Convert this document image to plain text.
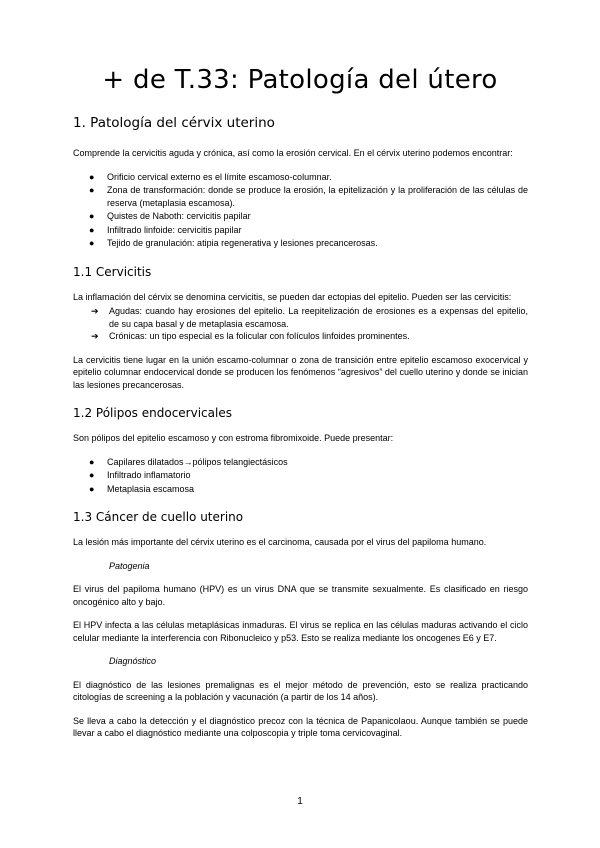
+ de T.33: Patología del útero
1. Patología del cérvix uterino

Comprende la cervicitis aguda y crónica, así como la erosión cervical. En el cérvix uterino podemos encontrar:

● Orificio cervical externo es el límite escamoso-columnar.
● Zona de transformación: donde se produce la erosión, la epitelización y la proliferación de las células de reserva (metaplasia escamosa).
● Quistes de Naboth: cervicitis papilar
● Infiltrado linfoide: cervicitis papilar
● Tejido de granulación: atipia regenerativa y lesiones precancerosas.
1.1 Cervicitis

La inflamación del cérvix se denomina cervicitis, se pueden dar ectopias del epitelio. Pueden ser las cervicitis:

➔ Agudas: cuando hay erosiones del epitelio. La reepitelización de erosiones es a expensas del epitelio, de su capa basal y de metaplasia escamosa.
➔ Crónicas: un tipo especial es la folicular con folículos linfoides prominentes.

La cervicitis tiene lugar en la unión escamo-columnar o zona de transición entre epitelio escamoso exocervical y epitelio columnar endocervical donde se producen los fenómenos “agresivos” del cuello uterino y donde se inician las lesiones precancerosas.

1.2 Pólipos endocervicales

Son pólipos del epitelio escamoso y con estroma fibromixoide. Puede presentar:

● Capilares dilatados→pólipos telangiectásicos
● Infiltrado inflamatorio
● Metaplasia escamosa
1.3 Cáncer de cuello uterino

La lesión más importante del cérvix uterino es el carcinoma, causada por el virus del papiloma humano.

Patogenia

El virus del papiloma humano (HPV) es un virus DNA que se transmite sexualmente. Es clasificado en riesgo oncogénico alto y bajo.

El HPV infecta a las células metaplásicas inmaduras. El virus se replica en las células maduras activando el ciclo celular mediante la interferencia con Ribonucleico y p53. Esto se realiza mediante los oncogenes E6 y E7.

Diagnóstico

El diagnóstico de las lesiones premalignas es el mejor método de prevención, esto se realiza practicando citologías de screening a la población y vacunación (a partir de los 14 años).

Se lleva a cabo la detección y el diagnóstico precoz con la técnica de Papanicolaou. Aunque también se puede llevar a cabo el diagnóstico mediante una colposcopia y triple toma cervicovaginal.

1
